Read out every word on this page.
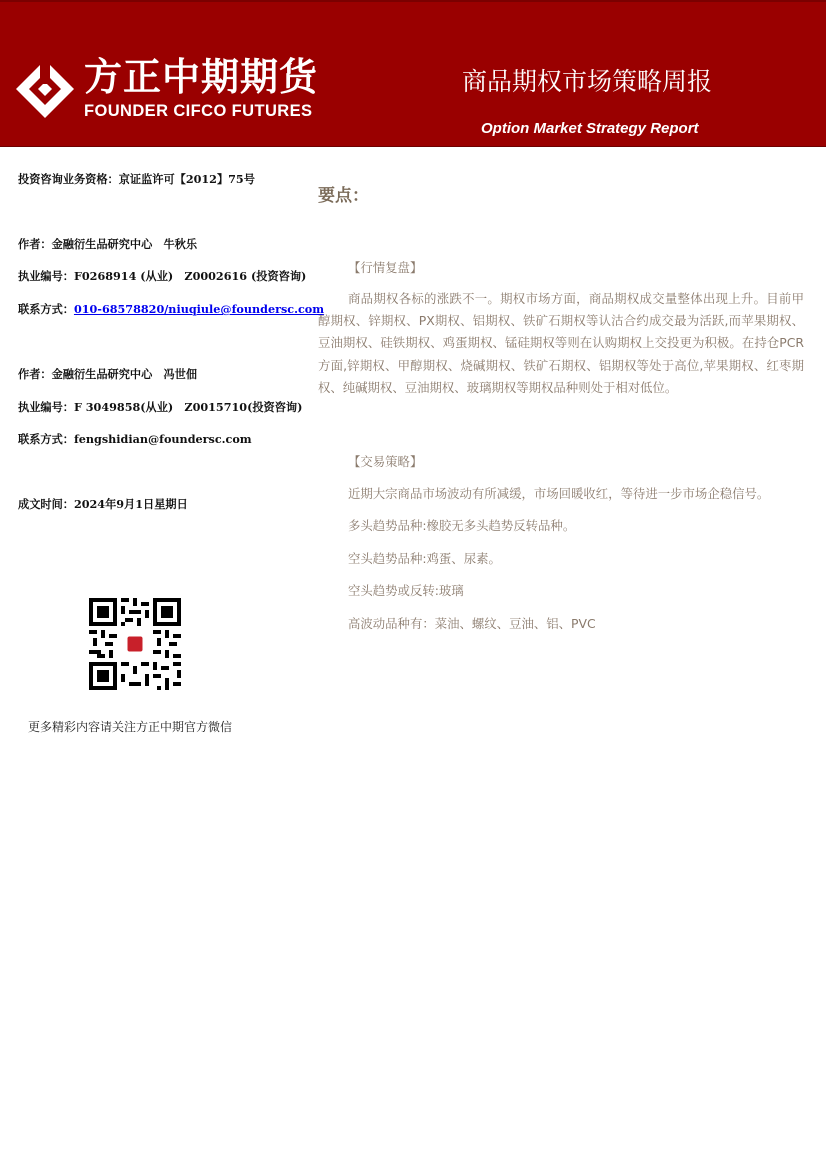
方正中期期货
FOUNDER CIFCO FUTURES
商品期权市场策略周报
Option Market Strategy Report
投资咨询业务资格：京证监许可【2012】75号
作者：金融衍生品研究中心　牛秋乐
执业编号：F0268914 (从业)　Z0002616 (投资咨询)
联系方式：010-68578820/niuqiule@foundersc.com
作者：金融衍生品研究中心　冯世佃
执业编号：F 3049858(从业)　Z0015710(投资咨询)
联系方式：fengshidian@foundersc.com
成文时间：2024年9月1日星期日
更多精彩内容请关注方正中期官方微信
要点：
【行情复盘】
商品期权各标的涨跌不一。期权市场方面，商品期权成交量整体出现上升。目前甲醇期权、锌期权、PX期权、铝期权、铁矿石期权等认沽合约成交最为活跃,而苹果期权、豆油期权、硅铁期权、鸡蛋期权、锰硅期权等则在认购期权上交投更为积极。在持仓PCR方面,锌期权、甲醇期权、烧碱期权、铁矿石期权、铝期权等处于高位,苹果期权、红枣期权、纯碱期权、豆油期权、玻璃期权等期权品种则处于相对低位。
【交易策略】
近期大宗商品市场波动有所减缓，市场回暖收红，等待进一步市场企稳信号。
多头趋势品种:橡胶无多头趋势反转品种。
空头趋势品种:鸡蛋、尿素。
空头趋势或反转:玻璃
高波动品种有：菜油、螺纹、豆油、铝、PVC
